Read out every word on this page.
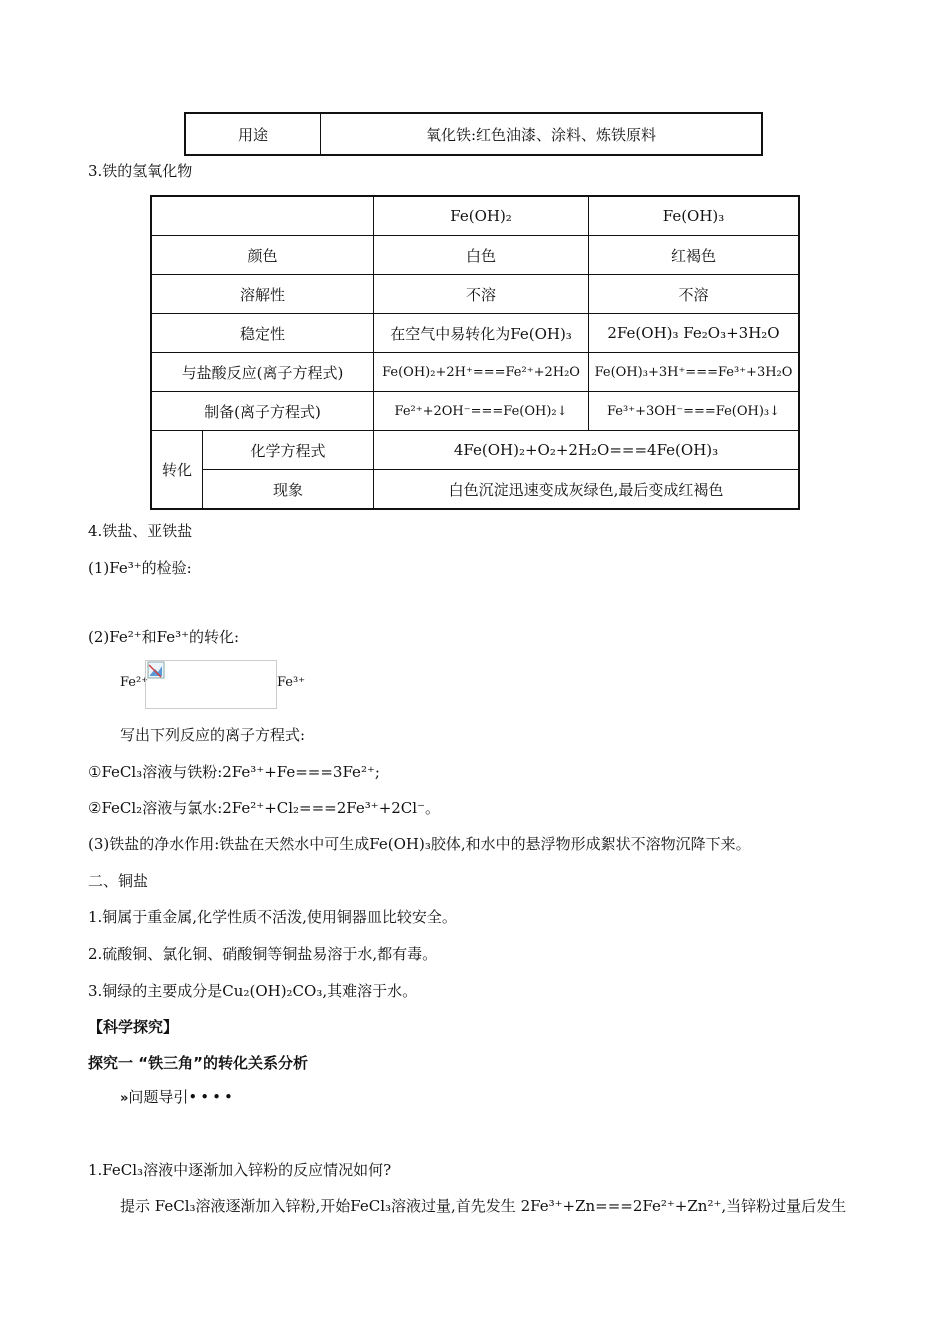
用途	氧化铁:红色油漆、涂料、炼铁原料
3.铁的氢氧化物
		Fe(OH)₂	Fe(OH)₃
颜色		白色	红褐色
溶解性		不溶	不溶
稳定性		在空气中易转化为Fe(OH)₃	2Fe(OH)₃ Fe₂O₃+3H₂O
与盐酸反应(离子方程式)		Fe(OH)₂+2H⁺===Fe²⁺+2H₂O	Fe(OH)₃+3H⁺===Fe³⁺+3H₂O
制备(离子方程式)		Fe²⁺+2OH⁻===Fe(OH)₂↓	Fe³⁺+3OH⁻===Fe(OH)₃↓
转化	化学方程式	4Fe(OH)₂+O₂+2H₂O===4Fe(OH)₃	
	现象	白色沉淀迅速变成灰绿色,最后变成红褐色	
4.铁盐、亚铁盐
(1)Fe³⁺的检验:
(2)Fe²⁺和Fe³⁺的转化:
Fe²⁺	Fe³⁺
写出下列反应的离子方程式:
①FeCl₃溶液与铁粉:2Fe³⁺+Fe===3Fe²⁺;
②FeCl₂溶液与氯水:2Fe²⁺+Cl₂===2Fe³⁺+2Cl⁻。
(3)铁盐的净水作用:铁盐在天然水中可生成Fe(OH)₃胶体,和水中的悬浮物形成絮状不溶物沉降下来。
二、铜盐
1.铜属于重金属,化学性质不活泼,使用铜器皿比较安全。
2.硫酸铜、氯化铜、硝酸铜等铜盐易溶于水,都有毒。
3.铜绿的主要成分是Cu₂(OH)₂CO₃,其难溶于水。
【科学探究】
探究一 “铁三角”的转化关系分析
»问题导引••••
1.FeCl₃溶液中逐渐加入锌粉的反应情况如何?
提示 FeCl₃溶液逐渐加入锌粉,开始FeCl₃溶液过量,首先发生 2Fe³⁺+Zn===2Fe²⁺+Zn²⁺,当锌粉过量后发生
